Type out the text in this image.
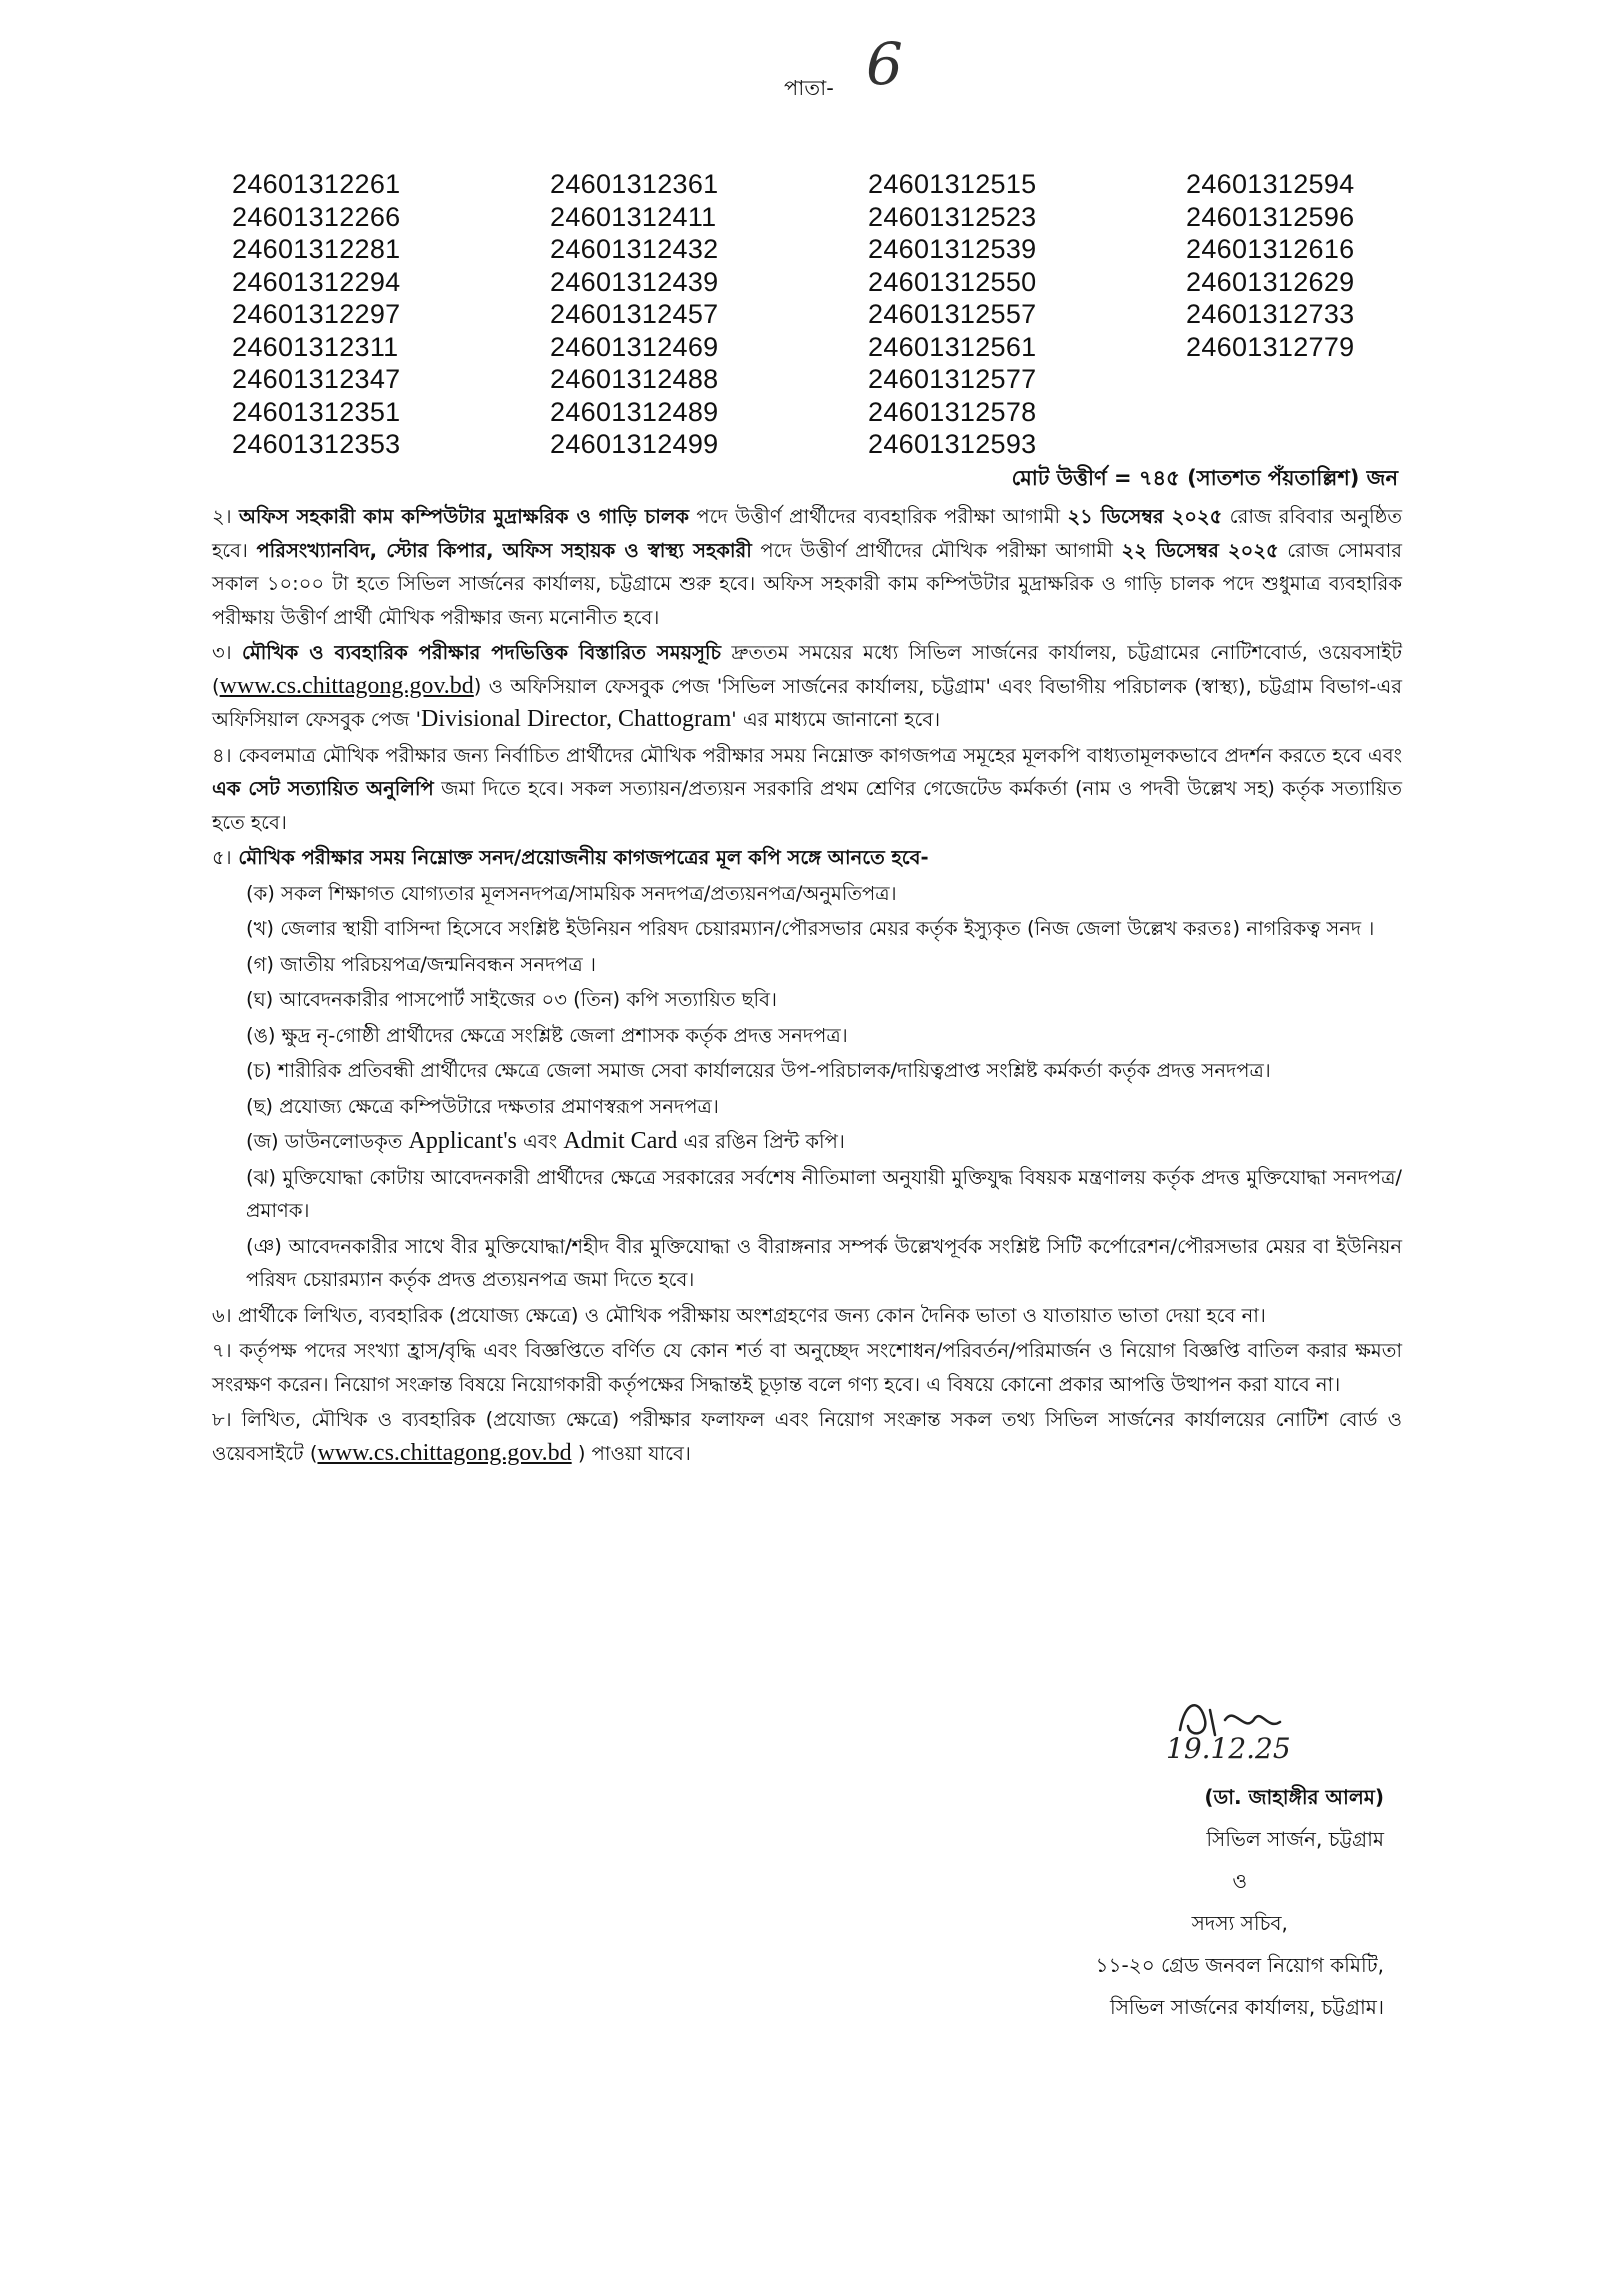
পাতা- 6
24601312261
24601312266
24601312281
24601312294
24601312297
24601312311
24601312347
24601312351
24601312353
24601312361
24601312411
24601312432
24601312439
24601312457
24601312469
24601312488
24601312489
24601312499
24601312515
24601312523
24601312539
24601312550
24601312557
24601312561
24601312577
24601312578
24601312593
24601312594
24601312596
24601312616
24601312629
24601312733
24601312779
মোট উত্তীর্ণ = ৭৪৫ (সাতশত পঁয়তাল্লিশ) জন

২। অফিস সহকারী কাম কম্পিউটার মুদ্রাক্ষরিক ও গাড়ি চালক পদে উত্তীর্ণ প্রার্থীদের ব্যবহারিক পরীক্ষা আগামী ২১ ডিসেম্বর ২০২৫ রোজ রবিবার অনুষ্ঠিত হবে। পরিসংখ্যানবিদ, স্টোর কিপার, অফিস সহায়ক ও স্বাস্থ্য সহকারী পদে উত্তীর্ণ প্রার্থীদের মৌখিক পরীক্ষা আগামী ২২ ডিসেম্বর ২০২৫ রোজ সোমবার সকাল ১০:০০ টা হতে সিভিল সার্জনের কার্যালয়, চট্টগ্রামে শুরু হবে। অফিস সহকারী কাম কম্পিউটার মুদ্রাক্ষরিক ও গাড়ি চালক পদে শুধুমাত্র ব্যবহারিক পরীক্ষায় উত্তীর্ণ প্রার্থী মৌখিক পরীক্ষার জন্য মনোনীত হবে।

৩। মৌখিক ও ব্যবহারিক পরীক্ষার পদভিত্তিক বিস্তারিত সময়সূচি দ্রুততম সময়ের মধ্যে সিভিল সার্জনের কার্যালয়, চট্টগ্রামের নোটিশবোর্ড, ওয়েবসাইট (www.cs.chittagong.gov.bd) ও অফিসিয়াল ফেসবুক পেজ 'সিভিল সার্জনের কার্যালয়, চট্টগ্রাম' এবং বিভাগীয় পরিচালক (স্বাস্থ্য), চট্টগ্রাম বিভাগ-এর অফিসিয়াল ফেসবুক পেজ 'Divisional Director, Chattogram' এর মাধ্যমে জানানো হবে।

৪। কেবলমাত্র মৌখিক পরীক্ষার জন্য নির্বাচিত প্রার্থীদের মৌখিক পরীক্ষার সময় নিম্নোক্ত কাগজপত্র সমূহের মূলকপি বাধ্যতামূলকভাবে প্রদর্শন করতে হবে এবং এক সেট সত্যায়িত অনুলিপি জমা দিতে হবে। সকল সত্যায়ন/প্রত্যয়ন সরকারি প্রথম শ্রেণির গেজেটেড কর্মকর্তা (নাম ও পদবী উল্লেখ সহ) কর্তৃক সত্যায়িত হতে হবে।

৫। মৌখিক পরীক্ষার সময় নিম্নোক্ত সনদ/প্রয়োজনীয় কাগজপত্রের মূল কপি সঙ্গে আনতে হবে-

(ক) সকল শিক্ষাগত যোগ্যতার মূলসনদপত্র/সাময়িক সনদপত্র/প্রত্যয়নপত্র/অনুমতিপত্র।

(খ) জেলার স্থায়ী বাসিন্দা হিসেবে সংশ্লিষ্ট ইউনিয়ন পরিষদ চেয়ারম্যান/পৌরসভার মেয়র কর্তৃক ইস্যুকৃত (নিজ জেলা উল্লেখ করতঃ) নাগরিকত্ব সনদ ।

(গ) জাতীয় পরিচয়পত্র/জন্মনিবন্ধন সনদপত্র ।

(ঘ) আবেদনকারীর পাসপোর্ট সাইজের ০৩ (তিন) কপি সত্যায়িত ছবি।

(ঙ) ক্ষুদ্র নৃ-গোষ্ঠী প্রার্থীদের ক্ষেত্রে সংশ্লিষ্ট জেলা প্রশাসক কর্তৃক প্রদত্ত সনদপত্র।

(চ) শারীরিক প্রতিবন্ধী প্রার্থীদের ক্ষেত্রে জেলা সমাজ সেবা কার্যালয়ের উপ-পরিচালক/দায়িত্বপ্রাপ্ত সংশ্লিষ্ট কর্মকর্তা কর্তৃক প্রদত্ত সনদপত্র।

(ছ) প্রযোজ্য ক্ষেত্রে কম্পিউটারে দক্ষতার প্রমাণস্বরূপ সনদপত্র।

(জ) ডাউনলোডকৃত Applicant's এবং Admit Card এর রঙিন প্রিন্ট কপি।

(ঝ) মুক্তিযোদ্ধা কোটায় আবেদনকারী প্রার্থীদের ক্ষেত্রে সরকারের সর্বশেষ নীতিমালা অনুযায়ী মুক্তিযুদ্ধ বিষয়ক মন্ত্রণালয় কর্তৃক প্রদত্ত মুক্তিযোদ্ধা সনদপত্র/প্রমাণক।

(ঞ) আবেদনকারীর সাথে বীর মুক্তিযোদ্ধা/শহীদ বীর মুক্তিযোদ্ধা ও বীরাঙ্গনার সম্পর্ক উল্লেখপূর্বক সংশ্লিষ্ট সিটি কর্পোরেশন/পৌরসভার মেয়র বা ইউনিয়ন পরিষদ চেয়ারম্যান কর্তৃক প্রদত্ত প্রত্যয়নপত্র জমা দিতে হবে।

৬। প্রার্থীকে লিখিত, ব্যবহারিক (প্রযোজ্য ক্ষেত্রে) ও মৌখিক পরীক্ষায় অংশগ্রহণের জন্য কোন দৈনিক ভাতা ও যাতায়াত ভাতা দেয়া হবে না।

৭। কর্তৃপক্ষ পদের সংখ্যা হ্রাস/বৃদ্ধি এবং বিজ্ঞপ্তিতে বর্ণিত যে কোন শর্ত বা অনুচ্ছেদ সংশোধন/পরিবর্তন/পরিমার্জন ও নিয়োগ বিজ্ঞপ্তি বাতিল করার ক্ষমতা সংরক্ষণ করেন। নিয়োগ সংক্রান্ত বিষয়ে নিয়োগকারী কর্তৃপক্ষের সিদ্ধান্তই চূড়ান্ত বলে গণ্য হবে। এ বিষয়ে কোনো প্রকার আপত্তি উত্থাপন করা যাবে না।

৮। লিখিত, মৌখিক ও ব্যবহারিক (প্রযোজ্য ক্ষেত্রে) পরীক্ষার ফলাফল এবং নিয়োগ সংক্রান্ত সকল তথ্য সিভিল সার্জনের কার্যালয়ের নোটিশ বোর্ড ও ওয়েবসাইটে (www.cs.chittagong.gov.bd ) পাওয়া যাবে।

19.12.25
(ডা. জাহাঙ্গীর আলম)
সিভিল সার্জন, চট্টগ্রাম
ও
সদস্য সচিব,
১১-২০ গ্রেড জনবল নিয়োগ কমিটি,
সিভিল সার্জনের কার্যালয়, চট্টগ্রাম।
